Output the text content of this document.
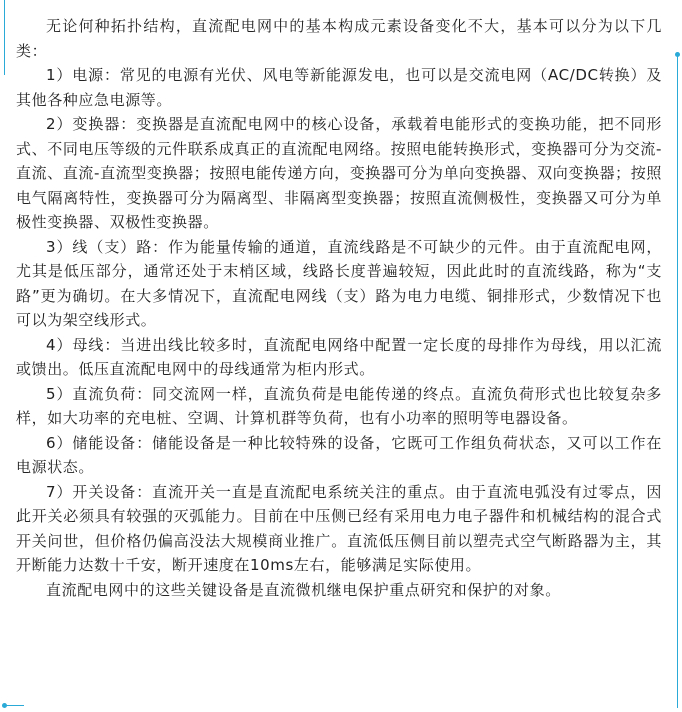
无论何种拓扑结构，直流配电网中的基本构成元素设备变化不大，基本可以分为以下几类：

1）电源：常见的电源有光伏、风电等新能源发电，也可以是交流电网（AC/DC转换）及其他各种应急电源等。

2）变换器：变换器是直流配电网中的核心设备，承载着电能形式的变换功能，把不同形式、不同电压等级的元件联系成真正的直流配电网络。按照电能转换形式，变换器可分为交流-直流、直流-直流型变换器；按照电能传递方向，变换器可分为单向变换器、双向变换器；按照电气隔离特性，变换器可分为隔离型、非隔离型变换器；按照直流侧极性，变换器又可分为单极性变换器、双极性变换器。

3）线（支）路：作为能量传输的通道，直流线路是不可缺少的元件。由于直流配电网，尤其是低压部分，通常还处于末梢区域，线路长度普遍较短，因此此时的直流线路，称为“支路”更为确切。在大多情况下，直流配电网线（支）路为电力电缆、铜排形式，少数情况下也可以为架空线形式。

4）母线：当进出线比较多时，直流配电网络中配置一定长度的母排作为母线，用以汇流或馈出。低压直流配电网中的母线通常为柜内形式。

5）直流负荷：同交流网一样，直流负荷是电能传递的终点。直流负荷形式也比较复杂多样，如大功率的充电桩、空调、计算机群等负荷，也有小功率的照明等电器设备。

6）储能设备：储能设备是一种比较特殊的设备，它既可工作组负荷状态，又可以工作在电源状态。

7）开关设备：直流开关一直是直流配电系统关注的重点。由于直流电弧没有过零点，因此开关必须具有较强的灭弧能力。目前在中压侧已经有采用电力电子器件和机械结构的混合式开关问世，但价格仍偏高没法大规模商业推广。直流低压侧目前以塑壳式空气断路器为主，其开断能力达数十千安，断开速度在10ms左右，能够满足实际使用。

直流配电网中的这些关键设备是直流微机继电保护重点研究和保护的对象。
